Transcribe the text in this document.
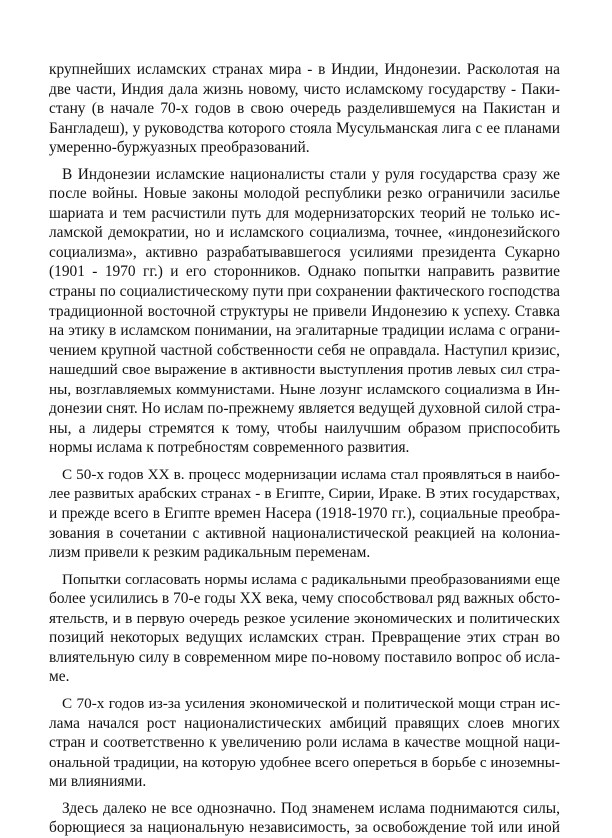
крупнейших исламских странах мира - в Индии, Индонезии. Расколотая на
две части, Индия дала жизнь новому, чисто исламскому государству - Паки-
стану (в начале 70-х годов в свою очередь разделившемуся на Пакистан и
Бангладеш), у руководства которого стояла Мусульманская лига с ее планами
умеренно-буржуазных преобразований.

В Индонезии исламские националисты стали у руля государства сразу же
после войны. Новые законы молодой республики резко ограничили засилье
шариата и тем расчистили путь для модернизаторских теорий не только ис-
ламской демократии, но и исламского социализма, точнее, «индонезийского
социализма», активно разрабатывавшегося усилиями президента Сукарно
(1901 - 1970 гг.) и его сторонников. Однако попытки направить развитие
страны по социалистическому пути при сохранении фактического господства
традиционной восточной структуры не привели Индонезию к успеху. Ставка
на этику в исламском понимании, на эгалитарные традиции ислама с ограни-
чением крупной частной собственности себя не оправдала. Наступил кризис,
нашедший свое выражение в активности выступления против левых сил стра-
ны, возглавляемых коммунистами. Ныне лозунг исламского социализма в Ин-
донезии снят. Но ислам по-прежнему является ведущей духовной силой стра-
ны, а лидеры стремятся к тому, чтобы наилучшим образом приспособить
нормы ислама к потребностям современного развития.

С 50-х годов XX в. процесс модернизации ислама стал проявляться в наибо-
лее развитых арабских странах - в Египте, Сирии, Ираке. В этих государствах,
и прежде всего в Египте времен Насера (1918-1970 гг.), социальные преобра-
зования в сочетании с активной националистической реакцией на колониа-
лизм привели к резким радикальным переменам.

Попытки согласовать нормы ислама с радикальными преобразованиями еще
более усилились в 70-е годы XX века, чему способствовал ряд важных обсто-
ятельств, и в первую очередь резкое усиление экономических и политических
позиций некоторых ведущих исламских стран. Превращение этих стран во
влиятельную силу в современном мире по-новому поставило вопрос об исла-
ме.

С 70-х годов из-за усиления экономической и политической мощи стран ис-
лама начался рост националистических амбиций правящих слоев многих
стран и соответственно к увеличению роли ислама в качестве мощной наци-
ональной традиции, на которую удобнее всего опереться в борьбе с иноземны-
ми влияниями.

Здесь далеко не все однозначно. Под знаменем ислама поднимаются силы,
борющиеся за национальную независимость, за освобождение той или иной
